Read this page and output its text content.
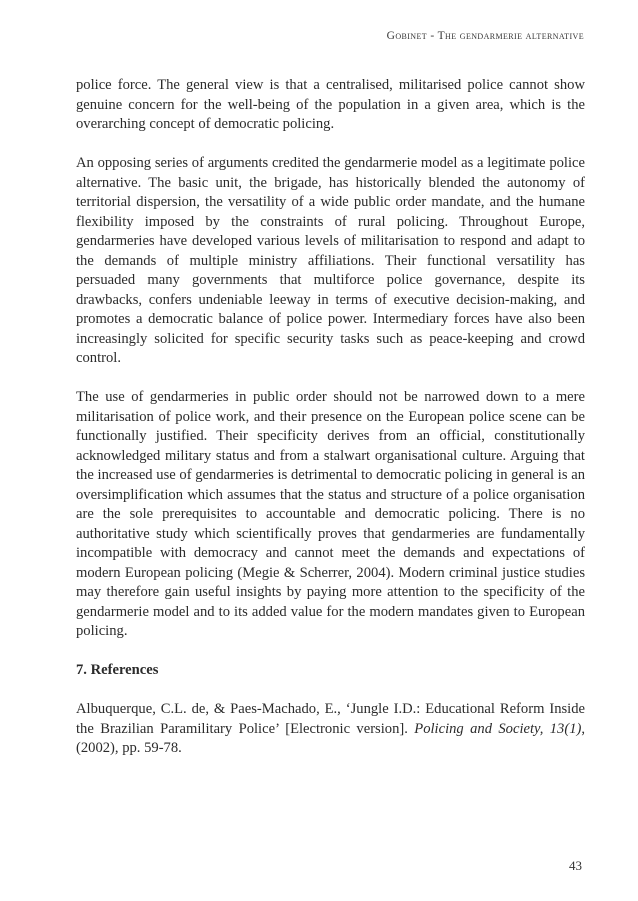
Gobinet - The gendarmerie alternative

police force. The general view is that a centralised, militarised police cannot show genuine concern for the well-being of the population in a given area, which is the overarching concept of democratic policing.

An opposing series of arguments credited the gendarmerie model as a legitimate police alternative. The basic unit, the brigade, has historically blended the autonomy of territorial dispersion, the versatility of a wide public order mandate, and the humane flexibility imposed by the constraints of rural policing. Throughout Europe, gendarmeries have developed various levels of militarisation to respond and adapt to the demands of multiple ministry affiliations. Their functional versatility has persuaded many governments that multiforce police governance, despite its drawbacks, confers undeniable leeway in terms of executive decision-making, and promotes a democratic balance of police power. Intermediary forces have also been increasingly solicited for specific security tasks such as peace-keeping and crowd control.

The use of gendarmeries in public order should not be narrowed down to a mere militarisation of police work, and their presence on the European police scene can be functionally justified. Their specificity derives from an official, constitutionally acknowledged military status and from a stalwart organisational culture. Arguing that the increased use of gendarmeries is detrimental to democratic policing in general is an oversimplification which assumes that the status and structure of a police organisation are the sole prerequisites to accountable and democratic policing. There is no authoritative study which scientifically proves that gendarmeries are fundamentally incompatible with democracy and cannot meet the demands and expectations of modern European policing (Megie & Scherrer, 2004). Modern criminal justice studies may therefore gain useful insights by paying more attention to the specificity of the gendarmerie model and to its added value for the modern mandates given to European policing.

7. References

Albuquerque, C.L. de, & Paes-Machado, E., ‘Jungle I.D.: Educational Reform Inside the Brazilian Paramilitary Police’ [Electronic version]. Policing and Society, 13(1), (2002), pp. 59-78.

43
